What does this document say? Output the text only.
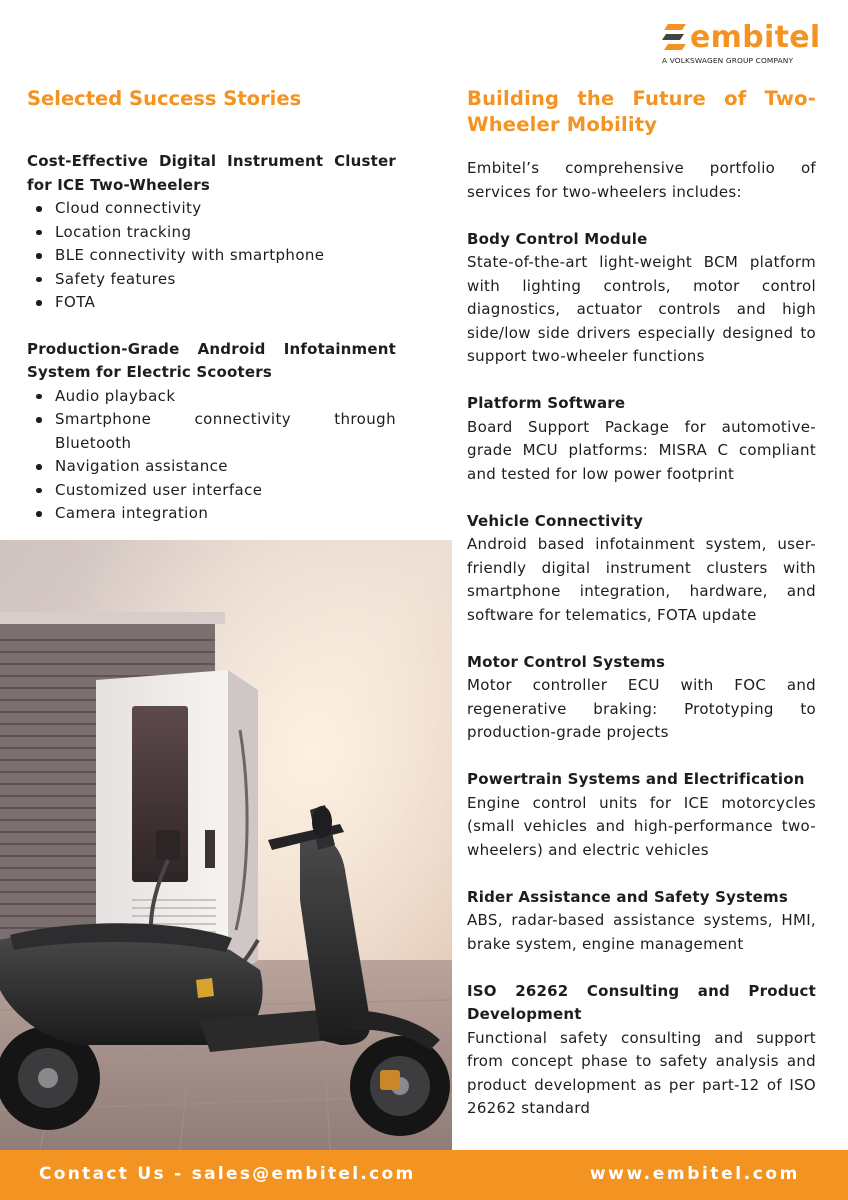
embitel
A VOLKSWAGEN GROUP COMPANY
Selected Success Stories	Building the Future of Two-Wheeler Mobility

Cost-Effective Digital Instrument Cluster for ICE Two-Wheelers

Cloud connectivity
Location tracking
BLE connectivity with smartphone
Safety features
FOTA

Production-Grade Android Infotainment System for Electric Scooters

Audio playback
Smartphone connectivity through Bluetooth
Navigation assistance
Customized user interface
Camera integration

Embitel’s comprehensive portfolio of services for two-wheelers includes:

Body Control Module

State-of-the-art light-weight BCM platform with lighting controls, motor control diagnostics, actuator controls and high side/low side drivers especially designed to support two-wheeler functions

Platform Software

Board Support Package for automotive-grade MCU platforms: MISRA C compliant and tested for low power footprint

Vehicle Connectivity

Android based infotainment system, user-friendly digital instrument clusters with smartphone integration, hardware, and software for telematics, FOTA update

Motor Control Systems

Motor controller ECU with FOC and regenerative braking: Prototyping to production-grade projects

Powertrain Systems and Electrification

Engine control units for ICE motorcycles (small vehicles and high-performance two-wheelers) and electric vehicles

Rider Assistance and Safety Systems

ABS, radar-based assistance systems, HMI, brake system, engine management

ISO 26262 Consulting and Product Development

Functional safety consulting and support from concept phase to safety analysis and product development as per part-12 of ISO 26262 standard

Contact Us - sales@embitel.com	www.embitel.com
